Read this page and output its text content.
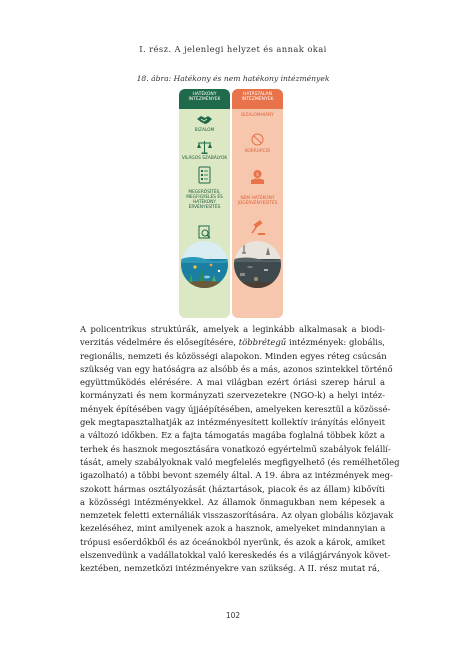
I. rész. A jelenlegi helyzet és annak okai
18. ábra: Hatékony és nem hatékony intézmények
HATÉKONY INTÉZMÉNYEK
BIZALOM
VILÁGOS SZABÁLYOK
MEGERŐSÍTÉS, MEGFIGYELÉS ÉS HATÉKONY ÉRVÉNYESÍTÉS
HATÁSTALAN INTÉZMÉNYEK
BIZALOMHIÁNY
KORRUPCIÓ
$
NEM HATÉKONY JOGÉRVÉNYESÍTÉS
A policentrikus struktúrák, amelyek a leginkább alkalmasak a biodi-
verzitás védelmére és elősegítésére, többrétegű intézmények: globális,
regionális, nemzeti és közösségi alapokon. Minden egyes réteg csúcsán
szükség van egy hatóságra az alsóbb és a más, azonos szintekkel történő
együttműködés elérésére. A mai világban ezért óriási szerep hárul a
kormányzati és nem kormányzati szervezetekre (NGO-k) a helyi intéz-
mények építésében vagy újjáépítésében, amelyeken keresztül a közössé-
gek megtapasztalhatják az intézményesített kollektív irányítás előnyeit
a változó időkben. Ez a fajta támogatás magába foglalná többek közt a
terhek és hasznok megosztására vonatkozó egyértelmű szabályok felállí-
tását, amely szabályoknak való megfelelés megfigyelhető (és remélhetőleg
igazolható) a többi bevont személy által. A 19. ábra az intézmények meg-
szokott hármas osztályozását (háztartások, piacok és az állam) kibővíti
a közösségi intézményekkel. Az államok önmagukban nem képesek a
nemzetek feletti externáliák visszaszorítására. Az olyan globális közjavak
kezeléséhez, mint amilyenek azok a hasznok, amelyeket mindannyian a
trópusi esőerdőkből és az óceánokból nyerünk, és azok a károk, amiket
elszenvedünk a vadállatokkal való kereskedés és a világjárványok követ-
keztében, nemzetközi intézményekre van szükség. A II. rész mutat rá,
102
